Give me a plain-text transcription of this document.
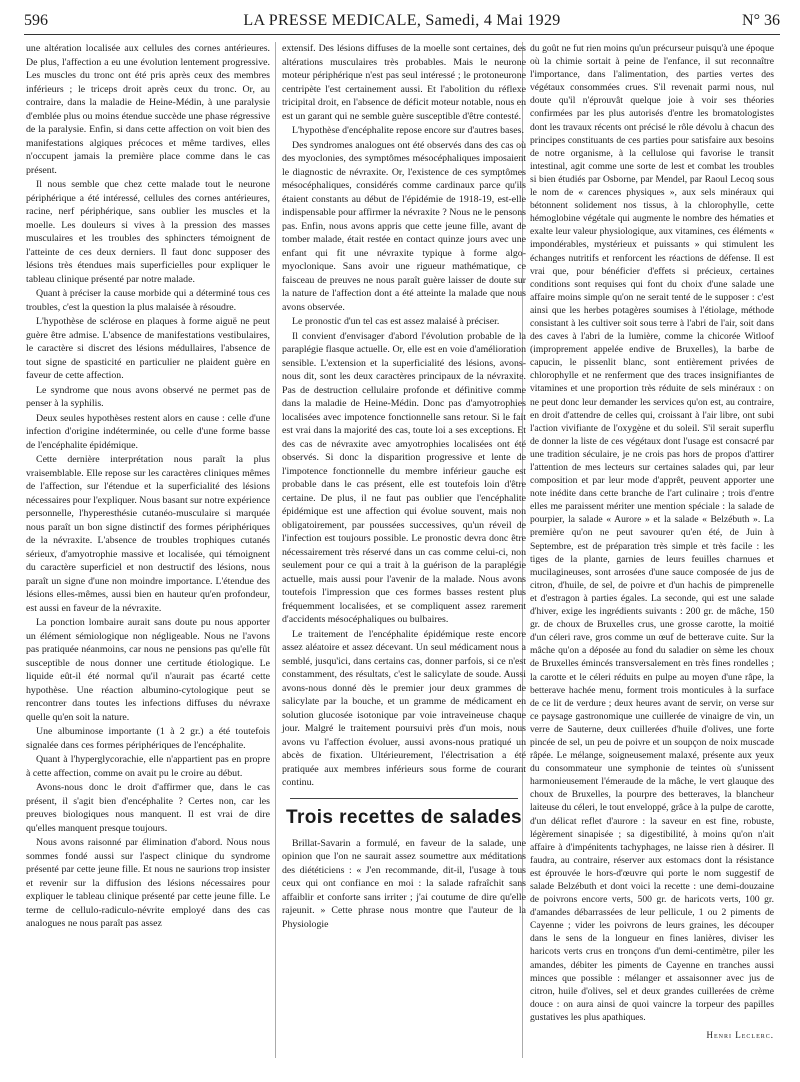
596	LA PRESSE MEDICALE, Samedi, 4 Mai 1929	N° 36

une altération localisée aux cellules des cornes antérieures. De plus, l'affection a eu une évolution lentement progressive. Les muscles du tronc ont été pris après ceux des membres inférieurs ; le triceps droit après ceux du tronc. Or, au contraire, dans la maladie de Heine-Médin, à une paralysie d'emblée plus ou moins étendue succède une phase régressive de la paralysie. Enfin, si dans cette affection on voit bien des manifestations algiques précoces et même tardives, elles n'occupent jamais la première place comme dans le cas présent.

Il nous semble que chez cette malade tout le neurone périphérique a été intéressé, cellules des cornes antérieures, racine, nerf périphérique, sans oublier les muscles et la moelle. Les douleurs si vives à la pression des masses musculaires et les troubles des sphincters témoignent de l'atteinte de ces deux derniers. Il faut donc supposer des lésions très étendues mais superficielles pour expliquer le tableau clinique présenté par notre malade.

Quant à préciser la cause morbide qui a déterminé tous ces troubles, c'est la question la plus malaisée à résoudre.

L'hypothèse de sclérose en plaques à forme aiguë ne peut guère être admise. L'absence de manifestations vestibulaires, le caractère si discret des lésions médullaires, l'absence de tout signe de spasticité en particulier ne plaident guère en faveur de cette affection.

Le syndrome que nous avons observé ne permet pas de penser à la syphilis.

Deux seules hypothèses restent alors en cause : celle d'une infection d'origine indéterminée, ou celle d'une forme basse de l'encéphalite épidémique.

Cette dernière interprétation nous paraît la plus vraisemblable. Elle repose sur les caractères cliniques mêmes de l'affection, sur l'étendue et la superficialité des lésions nécessaires pour l'expliquer. Nous basant sur notre expérience personnelle, l'hyperesthésie cutanéo-musculaire si marquée nous paraît un bon signe distinctif des formes périphériques de la névraxite. L'absence de troubles trophiques cutanés sérieux, d'amyotrophie massive et localisée, qui témoignent du caractère superficiel et non destructif des lésions, nous paraît un signe d'une non moindre importance. L'étendue des lésions elles-mêmes, aussi bien en hauteur qu'en profondeur, est aussi en faveur de la névraxite.

La ponction lombaire aurait sans doute pu nous apporter un élément sémiologique non négligeable. Nous ne l'avons pas pratiquée néanmoins, car nous ne pensions pas qu'elle fût susceptible de nous donner une certitude étiologique. Le liquide eût-il été normal qu'il n'aurait pas écarté cette hypothèse. Une réaction albumino-cytologique peut se rencontrer dans toutes les infections diffuses du névraxe quelle qu'en soit la nature.

Une albuminose importante (1 à 2 gr.) a été toutefois signalée dans ces formes périphériques de l'encéphalite.

Quant à l'hyperglycorachie, elle n'appartient pas en propre à cette affection, comme on avait pu le croire au début.

Avons-nous donc le droit d'affirmer que, dans le cas présent, il s'agit bien d'encéphalite ? Certes non, car les preuves biologiques nous manquent. Il est vrai de dire qu'elles manquent presque toujours.

Nous avons raisonné par élimination d'abord. Nous nous sommes fondé aussi sur l'aspect clinique du syndrome présenté par cette jeune fille. Et nous ne saurions trop insister et revenir sur la diffusion des lésions nécessaires pour expliquer le tableau clinique présenté par cette jeune fille. Le terme de cellulo-radiculo-névrite employé dans des cas analogues ne nous paraît pas assez

extensif. Des lésions diffuses de la moelle sont certaines, des altérations musculaires très probables. Mais le neurone moteur périphérique n'est pas seul intéressé ; le protoneurone centripète l'est certainement aussi. Et l'abolition du réflexe tricipital droit, en l'absence de déficit moteur notable, nous en est un garant qui ne semble guère susceptible d'être contesté.

L'hypothèse d'encéphalite repose encore sur d'autres bases.

Des syndromes analogues ont été observés dans des cas où des myoclonies, des symptômes mésocéphaliques imposaient le diagnostic de névraxite. Or, l'existence de ces symptômes mésocéphaliques, considérés comme cardinaux parce qu'ils étaient constants au début de l'épidémie de 1918-19, est-elle indispensable pour affirmer la névraxite ? Nous ne le pensons pas. Enfin, nous avons appris que cette jeune fille, avant de tomber malade, était restée en contact quinze jours avec une enfant qui fit une névraxite typique à forme algo-myoclonique. Sans avoir une rigueur mathématique, ce faisceau de preuves ne nous paraît guère laisser de doute sur la nature de l'affection dont a été atteinte la malade que nous avons observée.

Le pronostic d'un tel cas est assez malaisé à préciser.

Il convient d'envisager d'abord l'évolution probable de la paraplégie flasque actuelle. Or, elle est en voie d'amélioration sensible. L'extension et la superficialité des lésions, avons-nous dit, sont les deux caractères principaux de la névraxite. Pas de destruction cellulaire profonde et définitive comme dans la maladie de Heine-Médin. Donc pas d'amyotrophies localisées avec impotence fonctionnelle sans retour. Si le fait est vrai dans la majorité des cas, toute loi a ses exceptions. Et des cas de névraxite avec amyotrophies localisées ont été observés. Si donc la disparition progressive et lente de l'impotence fonctionnelle du membre inférieur gauche est probable dans le cas présent, elle est toutefois loin d'être certaine. De plus, il ne faut pas oublier que l'encéphalite épidémique est une affection qui évolue souvent, mais non obligatoirement, par poussées successives, qu'un réveil de l'infection est toujours possible. Le pronostic devra donc être nécessairement très réservé dans un cas comme celui-ci, non seulement pour ce qui a trait à la guérison de la paraplégie actuelle, mais aussi pour l'avenir de la malade. Nous avons toutefois l'impression que ces formes basses restent plus fréquemment localisées, et se compliquent assez rarement d'accidents mésocéphaliques ou bulbaires.

Le traitement de l'encéphalite épidémique reste encore assez aléatoire et assez décevant. Un seul médicament nous a semblé, jusqu'ici, dans certains cas, donner parfois, si ce n'est constamment, des résultats, c'est le salicylate de soude. Aussi avons-nous donné dès le premier jour deux grammes de salicylate par la bouche, et un gramme de médicament en solution glucosée isotonique par voie intraveineuse chaque jour. Malgré le traitement poursuivi près d'un mois, nous avons vu l'affection évoluer, aussi avons-nous pratiqué un abcès de fixation. Ultérieurement, l'électrisation a été pratiquée aux membres inférieurs sous forme de courant continu.

Trois recettes de salades

Brillat-Savarin a formulé, en faveur de la salade, une opinion que l'on ne saurait assez soumettre aux méditations des diététiciens : « J'en recommande, dit-il, l'usage à tous ceux qui ont confiance en moi : la salade rafraîchit sans affaiblir et conforte sans irriter ; j'ai coutume de dire qu'elle rajeunit. » Cette phrase nous montre que l'auteur de la Physiologie

du goût ne fut rien moins qu'un précurseur puisqu'à une époque où la chimie sortait à peine de l'enfance, il sut reconnaître l'importance, dans l'alimentation, des parties vertes des végétaux consommées crues. S'il revenait parmi nous, nul doute qu'il n'éprouvât quelque joie à voir ses théories confirmées par les plus autorisés d'entre les bromatologistes dont les travaux récents ont précisé le rôle dévolu à chacun des principes constituants de ces parties pour satisfaire aux besoins de notre organisme, à la cellulose qui favorise le transit intestinal, agit comme une sorte de lest et combat les troubles si bien étudiés par Osborne, par Mendel, par Raoul Lecoq sous le nom de « carences physiques », aux sels minéraux qui bétonnent solidement nos tissus, à la chlorophylle, cette hémoglobine végétale qui augmente le nombre des hématies et exalte leur valeur physiologique, aux vitamines, ces éléments « impondérables, mystérieux et puissants » qui stimulent les échanges nutritifs et renforcent les réactions de défense. Il est vrai que, pour bénéficier d'effets si précieux, certaines conditions sont requises qui font du choix d'une salade une affaire moins simple qu'on ne serait tenté de le supposer : c'est ainsi que les herbes potagères soumises à l'étiolage, méthode consistant à les cultiver soit sous terre à l'abri de l'air, soit dans des caves à l'abri de la lumière, comme la chicorée Witloof (improprement appelée endive de Bruxelles), la barbe de capucin, le pissenlit blanc, sont entièrement privées de chlorophylle et ne renferment que des traces insignifiantes de vitamines et une proportion très réduite de sels minéraux : on ne peut donc leur demander les services qu'on est, au contraire, en droit d'attendre de celles qui, croissant à l'air libre, ont subi l'action vivifiante de l'oxygène et du soleil. S'il serait superflu de donner la liste de ces végétaux dont l'usage est consacré par une tradition séculaire, je ne crois pas hors de propos d'attirer l'attention de mes lecteurs sur certaines salades qui, par leur composition et par leur mode d'apprêt, peuvent apporter une note inédite dans cette branche de l'art culinaire ; trois d'entre elles me paraissent mériter une mention spéciale : la salade de pourpier, la salade « Aurore » et la salade « Belzébuth ». La première qu'on ne peut savourer qu'en été, de Juin à Septembre, est de préparation très simple et très facile : les tiges de la plante, garnies de leurs feuilles charnues et mucilagineuses, sont arrosées d'une sauce composée de jus de citron, d'huile, de sel, de poivre et d'un hachis de pimprenelle et d'estragon à parties égales. La seconde, qui est une salade d'hiver, exige les ingrédients suivants : 200 gr. de mâche, 150 gr. de choux de Bruxelles crus, une grosse carotte, la moitié d'un céleri rave, gros comme un œuf de betterave cuite. Sur la mâche qu'on a déposée au fond du saladier on sème les choux de Bruxelles émincés transversalement en très fines rondelles ; la carotte et le céleri réduits en pulpe au moyen d'une râpe, la betterave hachée menu, forment trois monticules à la surface de ce lit de verdure ; deux heures avant de servir, on verse sur ce paysage gastronomique une cuillerée de vinaigre de vin, un verre de Sauterne, deux cuillerées d'huile d'olives, une forte pincée de sel, un peu de poivre et un soupçon de noix muscade râpée. Le mélange, soigneusement malaxé, présente aux yeux du consommateur une symphonie de teintes où s'unissent harmonieusement l'émeraude de la mâche, le vert glauque des choux de Bruxelles, la pourpre des betteraves, la blancheur laiteuse du céleri, le tout enveloppé, grâce à la pulpe de carotte, d'un délicat reflet d'aurore : la saveur en est fine, robuste, légèrement sinapisée ; sa digestibilité, à moins qu'on n'ait affaire à d'impénitents tachyphages, ne laisse rien à désirer. Il faudra, au contraire, réserver aux estomacs dont la résistance est éprouvée le hors-d'œuvre qui porte le nom suggestif de salade Belzébuth et dont voici la recette : une demi-douzaine de poivrons encore verts, 500 gr. de haricots verts, 100 gr. d'amandes débarrassées de leur pellicule, 1 ou 2 piments de Cayenne ; vider les poivrons de leurs graines, les découper dans le sens de la longueur en fines lanières, diviser les haricots verts crus en tronçons d'un demi-centimètre, piler les amandes, débiter les piments de Cayenne en tranches aussi minces que possible : mélanger et assaisonner avec jus de citron, huile d'olives, sel et deux grandes cuillerées de crème douce : on aura ainsi de quoi vaincre la torpeur des papilles gustatives les plus apathiques.

Henri Leclerc.
